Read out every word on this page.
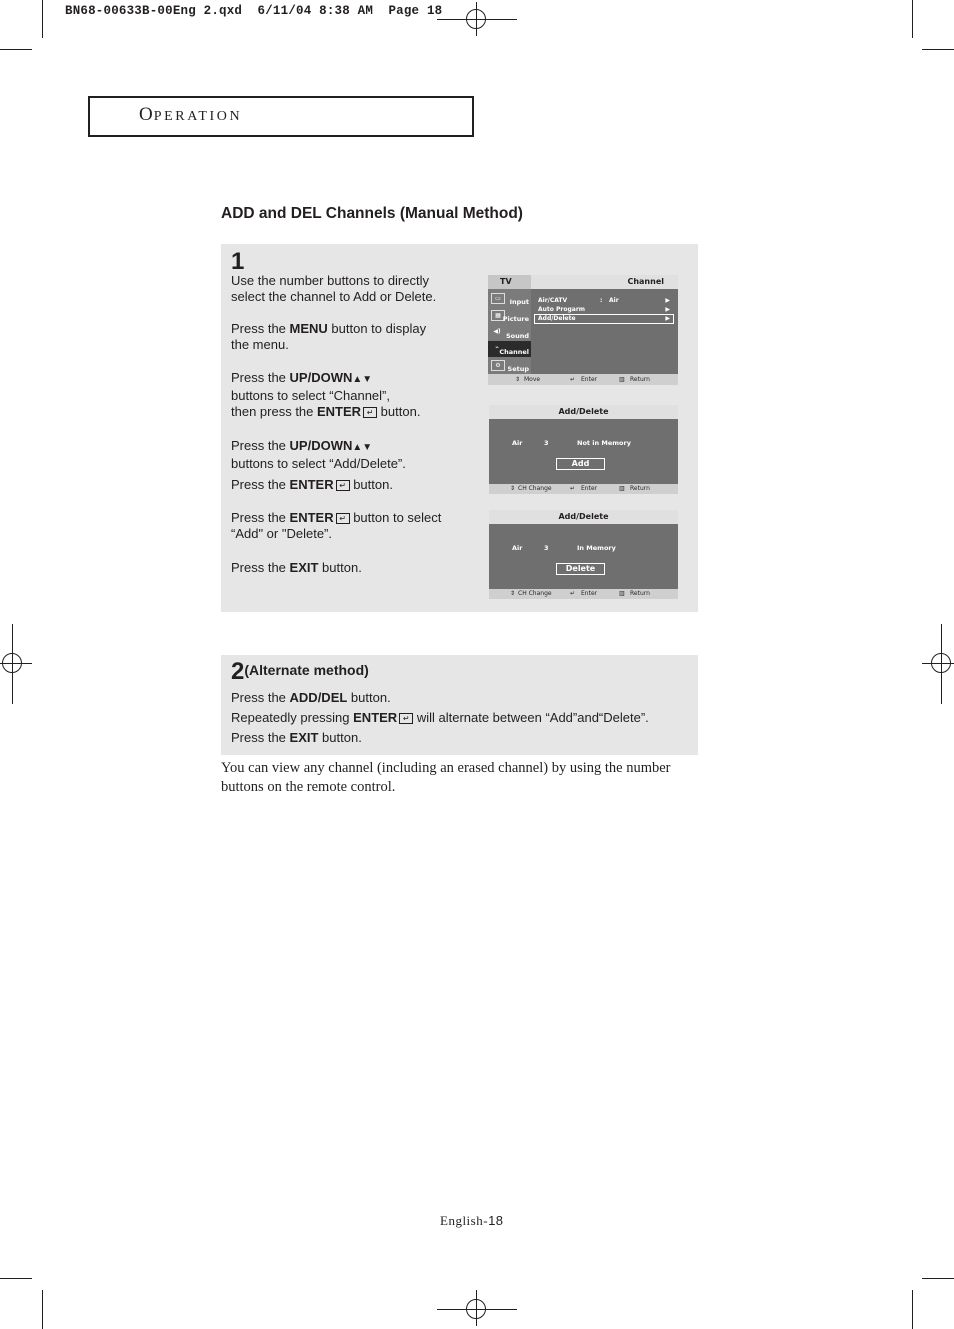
BN68-00633B-00Eng 2.qxd  6/11/04 8:38 AM  Page 18
OPERATION
ADD and DEL Channels (Manual Method)
1
Use the number buttons to directly select the channel to Add or Delete.
Press the MENU button to display the menu.
Press the UP/DOWN▲▼
buttons to select “Channel”,
then press the ENTER ↵ button.
Press the UP/DOWN▲▼
buttons to select “Add/Delete”.
Press the ENTER ↵ button.
Press the ENTER ↵ button to select
“Add" or "Delete”.
Press the EXIT button.
TV	Channel
▭	Input
▦ Picture
◀)
Sound
⌁
Channel
⚙	Setup
Air/CATV	: Air	▶
Auto Progarm	▶
Add/Delete	▶
⇕ Move	↵ Enter	▥ Return
Add/Delete
Air	3	Not in Memory
Add
⇕ CH Change	↵ Enter	▥ Return
Add/Delete
Air	3	In Memory
Delete
⇕ CH Change	↵ Enter	▥ Return
2(Alternate method)
Press the ADD/DEL button.
Repeatedly pressing ENTER ↵ will alternate between “Add”and“Delete”.
Press the EXIT button.
You can view any channel (including an erased channel) by using the number buttons on the remote control.
English-18
